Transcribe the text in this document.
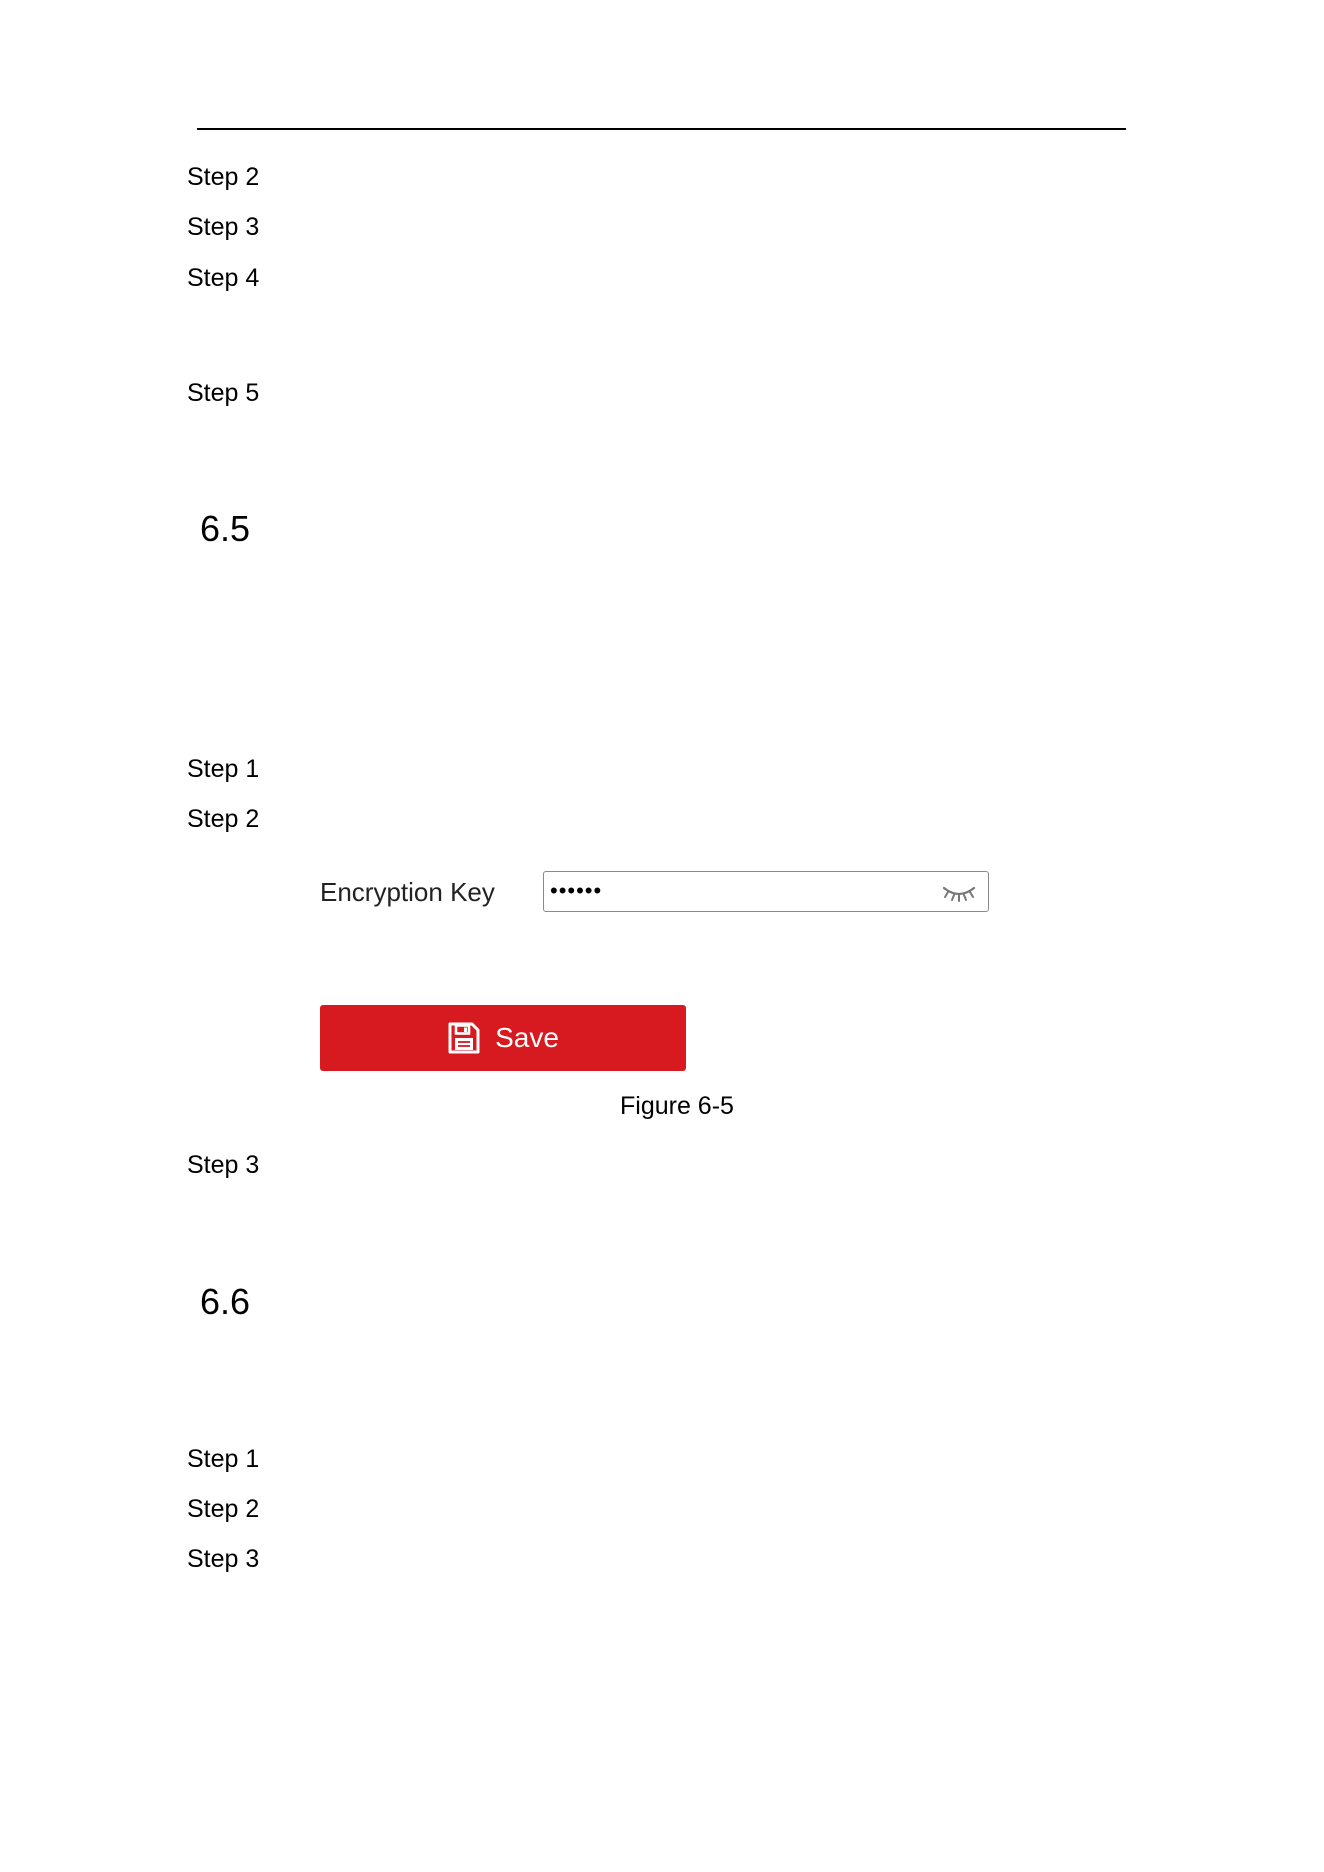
Step 2
Step 3
Step 4
Step 5
6.5
Step 1
Step 2
Encryption Key	••••••
Save
Figure 6-5
Step 3
6.6
Step 1
Step 2
Step 3
